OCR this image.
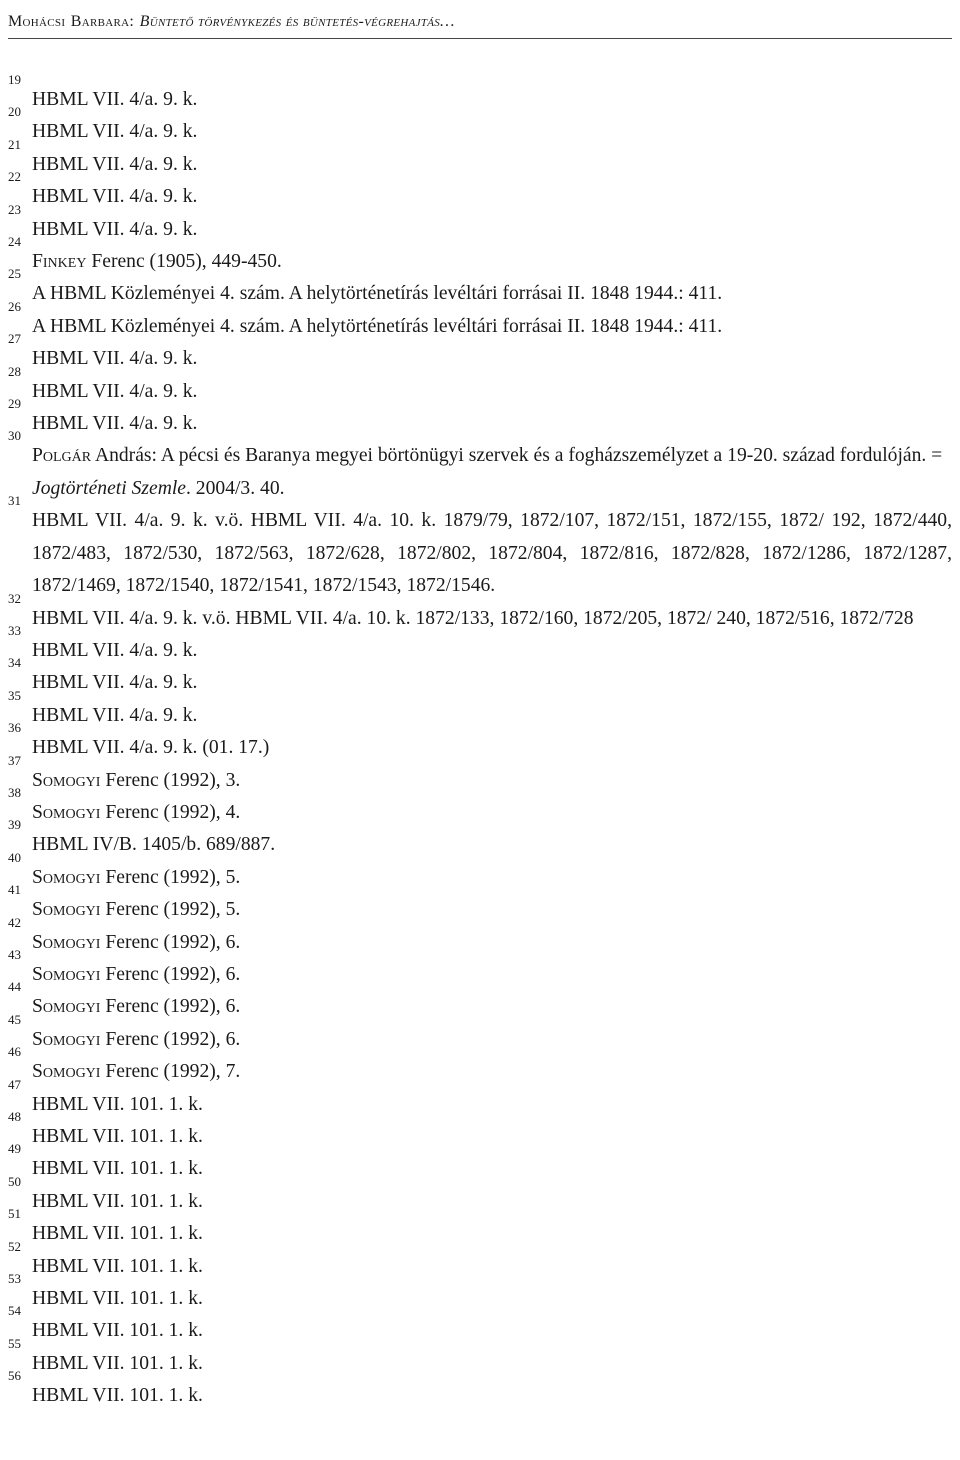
Mohácsi Barbara: Büntető törvénykezés és büntetés-végrehajtás…
19
HBML VII. 4/a. 9. k.
20
HBML VII. 4/a. 9. k.
21
HBML VII. 4/a. 9. k.
22
HBML VII. 4/a. 9. k.
23
HBML VII. 4/a. 9. k.
24
Finkey Ferenc (1905), 449-450.
25
A HBML Közleményei 4. szám. A helytörténetírás levéltári forrásai II. 1848 1944.: 411.
26
A HBML Közleményei 4. szám. A helytörténetírás levéltári forrásai II. 1848 1944.: 411.
27
HBML VII. 4/a. 9. k.
28
HBML VII. 4/a. 9. k.
29
HBML VII. 4/a. 9. k.
30
Polgár András: A pécsi és Baranya megyei börtönügyi szervek és a fogházszemélyzet a 19-20. század fordulóján. = Jogtörténeti Szemle. 2004/3. 40.
31
HBML VII. 4/a. 9. k. v.ö. HBML VII. 4/a. 10. k. 1879/79, 1872/107, 1872/151, 1872/155, 1872/ 192, 1872/440, 1872/483, 1872/530, 1872/563, 1872/628, 1872/802, 1872/804, 1872/816, 1872/828, 1872/1286, 1872/1287, 1872/1469, 1872/1540, 1872/1541, 1872/1543, 1872/1546.
32
HBML VII. 4/a. 9. k. v.ö. HBML VII. 4/a. 10. k. 1872/133, 1872/160, 1872/205, 1872/ 240, 1872/516, 1872/728
33
HBML VII. 4/a. 9. k.
34
HBML VII. 4/a. 9. k.
35
HBML VII. 4/a. 9. k.
36
HBML VII. 4/a. 9. k. (01. 17.)
37
Somogyi Ferenc (1992), 3.
38
Somogyi Ferenc (1992), 4.
39
HBML IV/B. 1405/b. 689/887.
40
Somogyi Ferenc (1992), 5.
41
Somogyi Ferenc (1992), 5.
42
Somogyi Ferenc (1992), 6.
43
Somogyi Ferenc (1992), 6.
44
Somogyi Ferenc (1992), 6.
45
Somogyi Ferenc (1992), 6.
46
Somogyi Ferenc (1992), 7.
47
HBML VII. 101. 1. k.
48
HBML VII. 101. 1. k.
49
HBML VII. 101. 1. k.
50
HBML VII. 101. 1. k.
51
HBML VII. 101. 1. k.
52
HBML VII. 101. 1. k.
53
HBML VII. 101. 1. k.
54
HBML VII. 101. 1. k.
55
HBML VII. 101. 1. k.
56
HBML VII. 101. 1. k.
